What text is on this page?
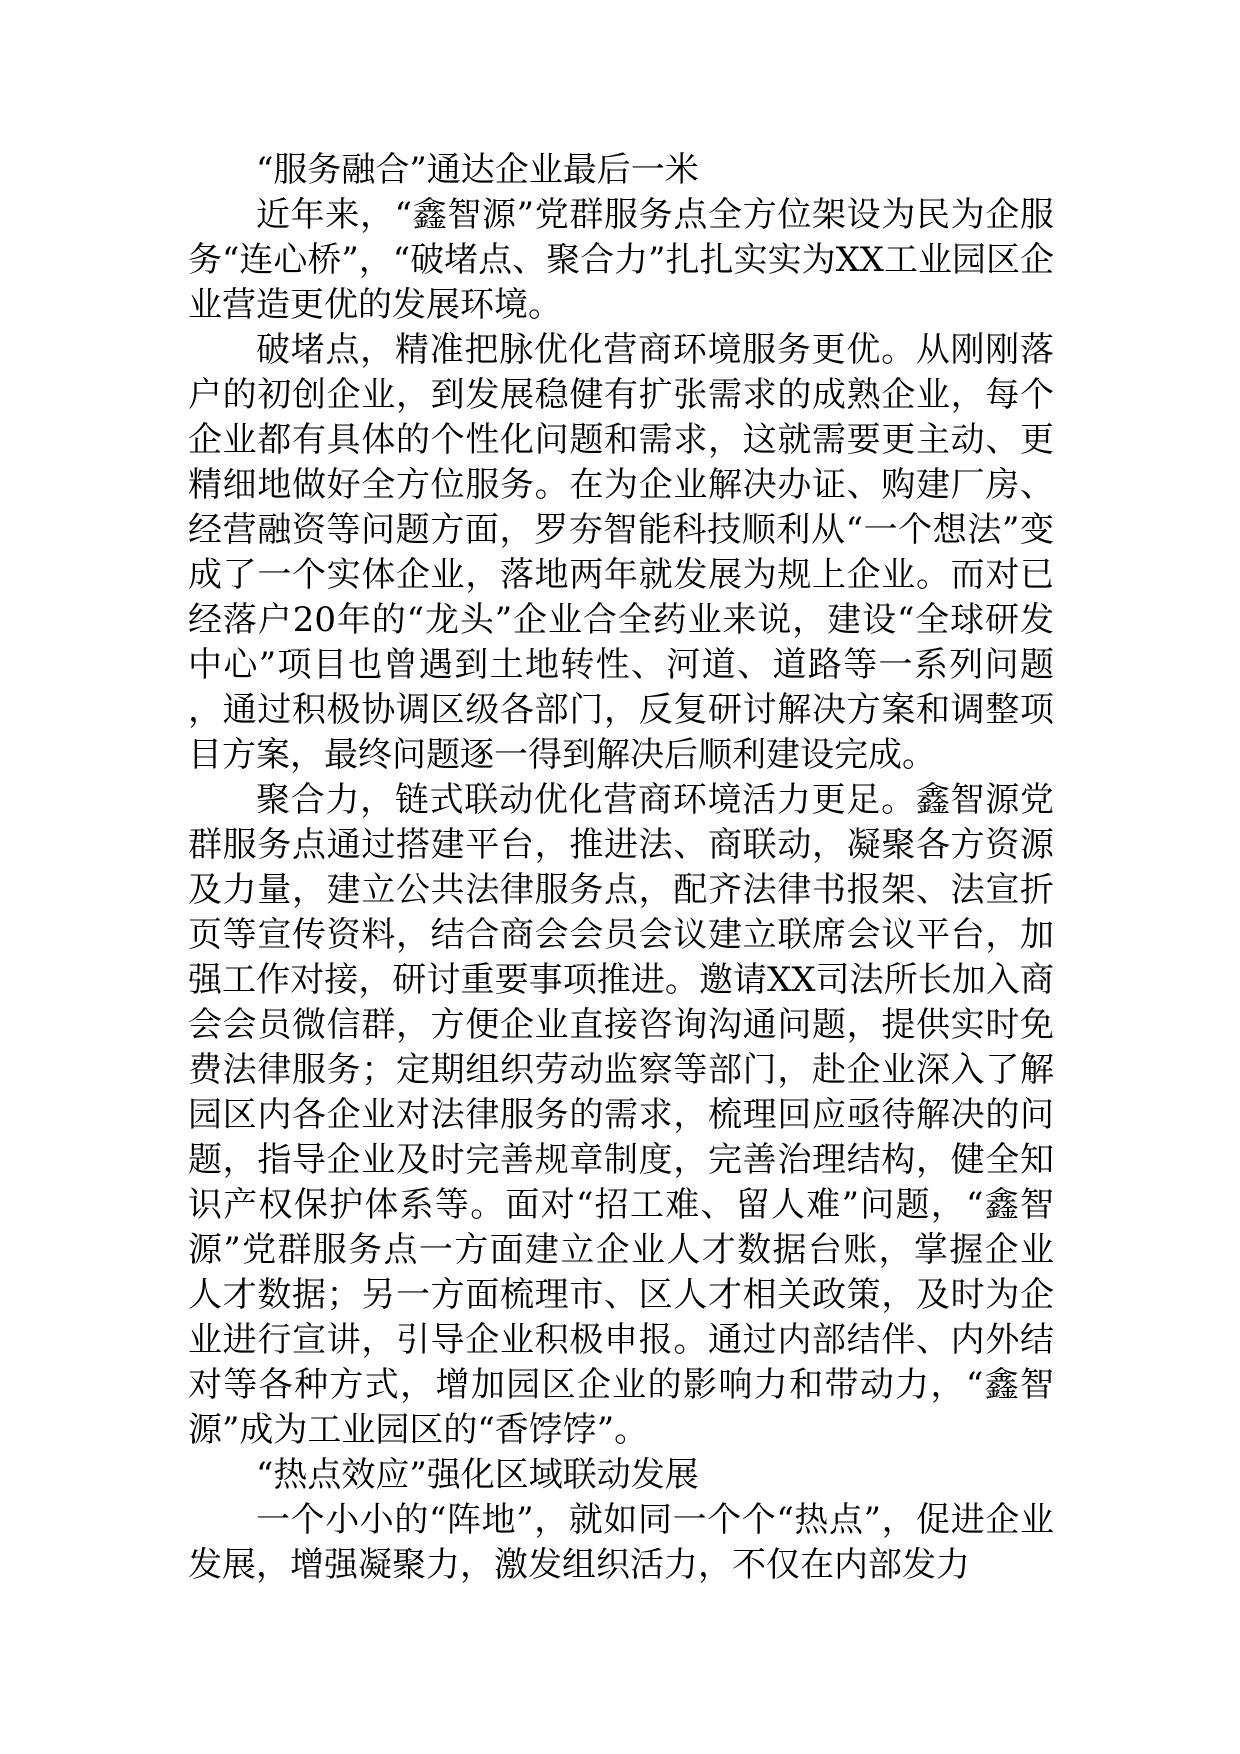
“服务融合”通达企业最后一米

近年来，“鑫智源”党群服务点全方位架设为民为企服务“连心桥”，“破堵点、聚合力”扎扎实实为XX工业园区企业营造更优的发展环境。

破堵点，精准把脉优化营商环境服务更优。从刚刚落户的初创企业，到发展稳健有扩张需求的成熟企业，每个企业都有具体的个性化问题和需求，这就需要更主动、更精细地做好全方位服务。在为企业解决办证、购建厂房、经营融资等问题方面，罗夯智能科技顺利从“一个想法”变成了一个实体企业，落地两年就发展为规上企业。而对已经落户20年的“龙头”企业合全药业来说，建设“全球研发中心”项目也曾遇到土地转性、河道、道路等一系列问题，通过积极协调区级各部门，反复研讨解决方案和调整项目方案，最终问题逐一得到解决后顺利建设完成。

聚合力，链式联动优化营商环境活力更足。鑫智源党群服务点通过搭建平台，推进法、商联动，凝聚各方资源及力量，建立公共法律服务点，配齐法律书报架、法宣折页等宣传资料，结合商会会员会议建立联席会议平台，加强工作对接，研讨重要事项推进。邀请XX司法所长加入商会会员微信群，方便企业直接咨询沟通问题，提供实时免费法律服务；定期组织劳动监察等部门，赴企业深入了解园区内各企业对法律服务的需求，梳理回应亟待解决的问题，指导企业及时完善规章制度，完善治理结构，健全知识产权保护体系等。面对“招工难、留人难”问题，“鑫智源”党群服务点一方面建立企业人才数据台账，掌握企业人才数据；另一方面梳理市、区人才相关政策，及时为企业进行宣讲，引导企业积极申报。通过内部结伴、内外结对等各种方式，增加园区企业的影响力和带动力，“鑫智源”成为工业园区的“香饽饽”。

“热点效应”强化区域联动发展

一个小小的“阵地”，就如同一个个“热点”，促进企业发展，增强凝聚力，激发组织活力，不仅在内部发力
